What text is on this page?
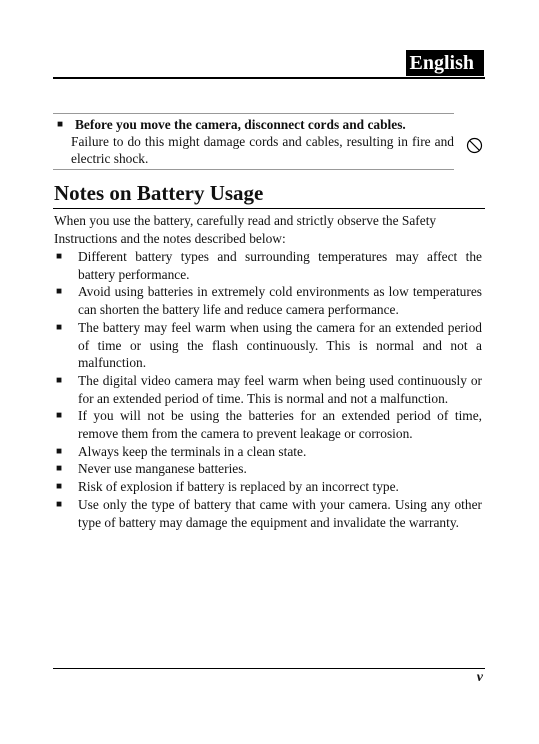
English
■ Before you move the camera, disconnect cords and cables.
Failure to do this might damage cords and cables, resulting in fire and electric shock.
Notes on Battery Usage

When you use the battery, carefully read and strictly observe the Safety Instructions and the notes described below:

■	Different battery types and surrounding temperatures may affect the battery performance.
■	Avoid using batteries in extremely cold environments as low temperatures can shorten the battery life and reduce camera performance.
■	The battery may feel warm when using the camera for an extended period of time or using the flash continuously. This is normal and not a malfunction.
■	The digital video camera may feel warm when being used continuously or for an extended period of time. This is normal and not a malfunction.
■	If you will not be using the batteries for an extended period of time, remove them from the camera to prevent leakage or corrosion.
■	Always keep the terminals in a clean state.
■	Never use manganese batteries.
■	Risk of explosion if battery is replaced by an incorrect type.
■	Use only the type of battery that came with your camera. Using any other type of battery may damage the equipment and invalidate the warranty.
v
